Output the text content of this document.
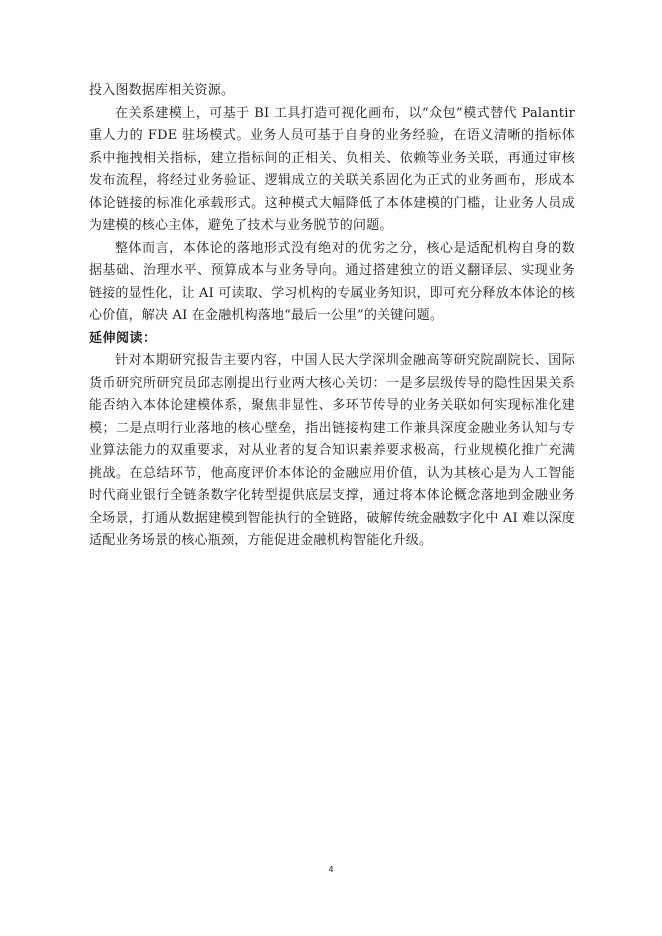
投入图数据库相关资源。

在关系建模上，可基于 BI 工具打造可视化画布，以“众包”模式替代 Palantir 重人力的 FDE 驻场模式。业务人员可基于自身的业务经验，在语义清晰的指标体系中拖拽相关指标，建立指标间的正相关、负相关、依赖等业务关联，再通过审核发布流程，将经过业务验证、逻辑成立的关联关系固化为正式的业务画布，形成本体论链接的标准化承载形式。这种模式大幅降低了本体建模的门槛，让业务人员成为建模的核心主体，避免了技术与业务脱节的问题。

整体而言，本体论的落地形式没有绝对的优劣之分，核心是适配机构自身的数据基础、治理水平、预算成本与业务导向。通过搭建独立的语义翻译层、实现业务链接的显性化，让 AI 可读取、学习机构的专属业务知识，即可充分释放本体论的核心价值，解决 AI 在金融机构落地“最后一公里”的关键问题。

延伸阅读：

针对本期研究报告主要内容，中国人民大学深圳金融高等研究院副院长、国际货币研究所研究员邱志刚提出行业两大核心关切：一是多层级传导的隐性因果关系能否纳入本体论建模体系，聚焦非显性、多环节传导的业务关联如何实现标准化建模；二是点明行业落地的核心壁垒，指出链接构建工作兼具深度金融业务认知与专业算法能力的双重要求，对从业者的复合知识素养要求极高，行业规模化推广充满挑战。在总结环节，他高度评价本体论的金融应用价值，认为其核心是为人工智能时代商业银行全链条数字化转型提供底层支撑，通过将本体论概念落地到金融业务全场景，打通从数据建模到智能执行的全链路，破解传统金融数字化中 AI 难以深度适配业务场景的核心瓶颈，方能促进金融机构智能化升级。

4
